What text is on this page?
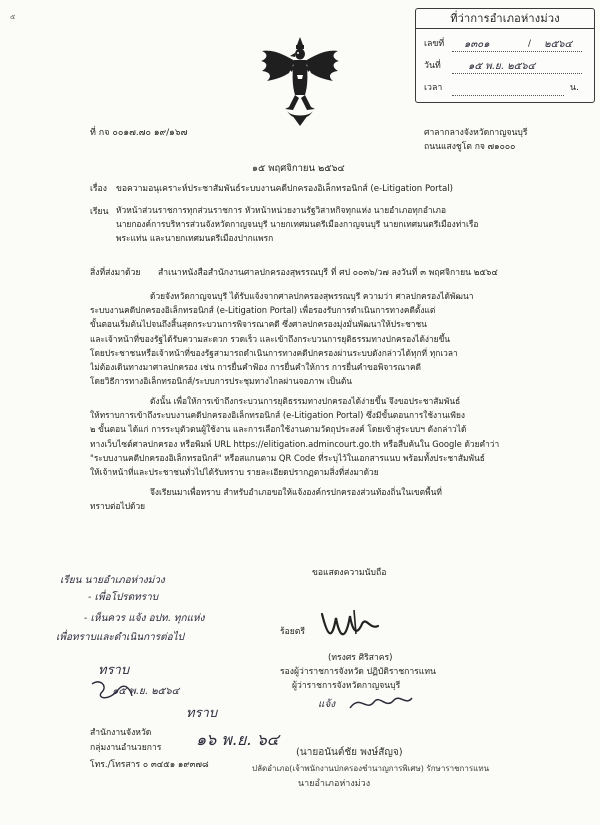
๕	ที่ว่าการอำเภอห่างม่วง
เลขที่ ๑๓๐๑	/ ๒๕๖๔
วันที่	๑๕ พ.ย. ๒๕๖๔
เวลา	น.
ที่ กจ ๐๐๑๗.๗๐ ๑๙/๑๖๗	ศาลากลางจังหวัดกาญจนบุรี
ถนนแสงชูโต กจ ๗๑๐๐๐
๑๕ พฤศจิกายน ๒๕๖๔
เรื่อง ขอความอนุเคราะห์ประชาสัมพันธ์ระบบงานคดีปกครองอิเล็กทรอนิกส์ (e-Litigation Portal)
เรียน หัวหน้าส่วนราชการทุกส่วนราชการ หัวหน้าหน่วยงานรัฐวิสาหกิจทุกแห่ง นายอำเภอทุกอำเภอ
นายกองค์การบริหารส่วนจังหวัดกาญจนบุรี นายกเทศมนตรีเมืองกาญจนบุรี นายกเทศมนตรีเมืองท่าเรือ
พระแท่น และนายกเทศมนตรีเมืองปากแพรก
สิ่งที่ส่งมาด้วย สำเนาหนังสือสำนักงานศาลปกครองสุพรรณบุรี ที่ ศป ๐๐๓๖/ว๗ ลงวันที่ ๓ พฤศจิกายน ๒๕๖๔
ด้วยจังหวัดกาญจนบุรี ได้รับแจ้งจากศาลปกครองสุพรรณบุรี ความว่า ศาลปกครองได้พัฒนา
ระบบงานคดีปกครองอิเล็กทรอนิกส์ (e-Litigation Portal) เพื่อรองรับการดำเนินการทางคดีตั้งแต่
ขั้นตอนเริ่มต้นไปจนถึงสิ้นสุดกระบวนการพิจารณาคดี ซึ่งศาลปกครองมุ่งมั่นพัฒนาให้ประชาชน
และเจ้าหน้าที่ของรัฐได้รับความสะดวก รวดเร็ว และเข้าถึงกระบวนการยุติธรรมทางปกครองได้ง่ายขึ้น
โดยประชาชนหรือเจ้าหน้าที่ของรัฐสามารถดำเนินการทางคดีปกครองผ่านระบบดังกล่าวได้ทุกที่ ทุกเวลา
ไม่ต้องเดินทางมาศาลปกครอง เช่น การยื่นคำฟ้อง การยื่นคำให้การ การยื่นคำขอพิจารณาคดี
โดยวิธีการทางอิเล็กทรอนิกส์/ระบบการประชุมทางไกลผ่านจอภาพ เป็นต้น
ดังนั้น เพื่อให้การเข้าถึงกระบวนการยุติธรรมทางปกครองได้ง่ายขึ้น จึงขอประชาสัมพันธ์
ให้ทราบการเข้าถึงระบบงานคดีปกครองอิเล็กทรอนิกส์ (e-Litigation Portal) ซึ่งมีขั้นตอนการใช้งานเพียง
๒ ขั้นตอน ได้แก่ การระบุตัวตนผู้ใช้งาน และการเลือกใช้งานตามวัตถุประสงค์ โดยเข้าสู่ระบบฯ ดังกล่าวได้
ทางเว็บไซต์ศาลปกครอง หรือพิมพ์ URL https://elitigation.admincourt.go.th หรือสืบค้นใน Google ด้วยคำว่า
"ระบบงานคดีปกครองอิเล็กทรอนิกส์" หรือสแกนตาม QR Code ที่ระบุไว้ในเอกสารแนบ พร้อมทั้งประชาสัมพันธ์
ให้เจ้าหน้าที่และประชาชนทั่วไปได้รับทราบ รายละเอียดปรากฏตามสิ่งที่ส่งมาด้วย
จึงเรียนมาเพื่อทราบ สำหรับอำเภอขอให้แจ้งองค์กรปกครองส่วนท้องถิ่นในเขตพื้นที่
ทราบต่อไปด้วย
ขอแสดงความนับถือ
เรียน นายอำเภอห่างม่วง
- เพื่อโปรดทราบ
- เห็นควร แจ้ง อปท. ทุกแห่ง
เพื่อทราบและดำเนินการต่อไป
ทราบ
๑๕ พ.ย. ๒๕๖๔
ทราบ
๑๖ พ.ย. ๖๔
ร้อยตรี
(ทรงศร ศิริสาคร)
รองผู้ว่าราชการจังหวัด ปฏิบัติราชการแทน
ผู้ว่าราชการจังหวัดกาญจนบุรี
แจ้ง
สำนักงานจังหวัด
กลุ่มงานอำนวยการ
โทร./โทรสาร ๐ ๓๔๕๑ ๑๙๓๗๘
(นายอนันต์ชัย พงษ์สัญจ)
ปลัดอำเภอ(เจ้าพนักงานปกครองชำนาญการพิเศษ) รักษาราชการแทน
นายอำเภอห่างม่วง
